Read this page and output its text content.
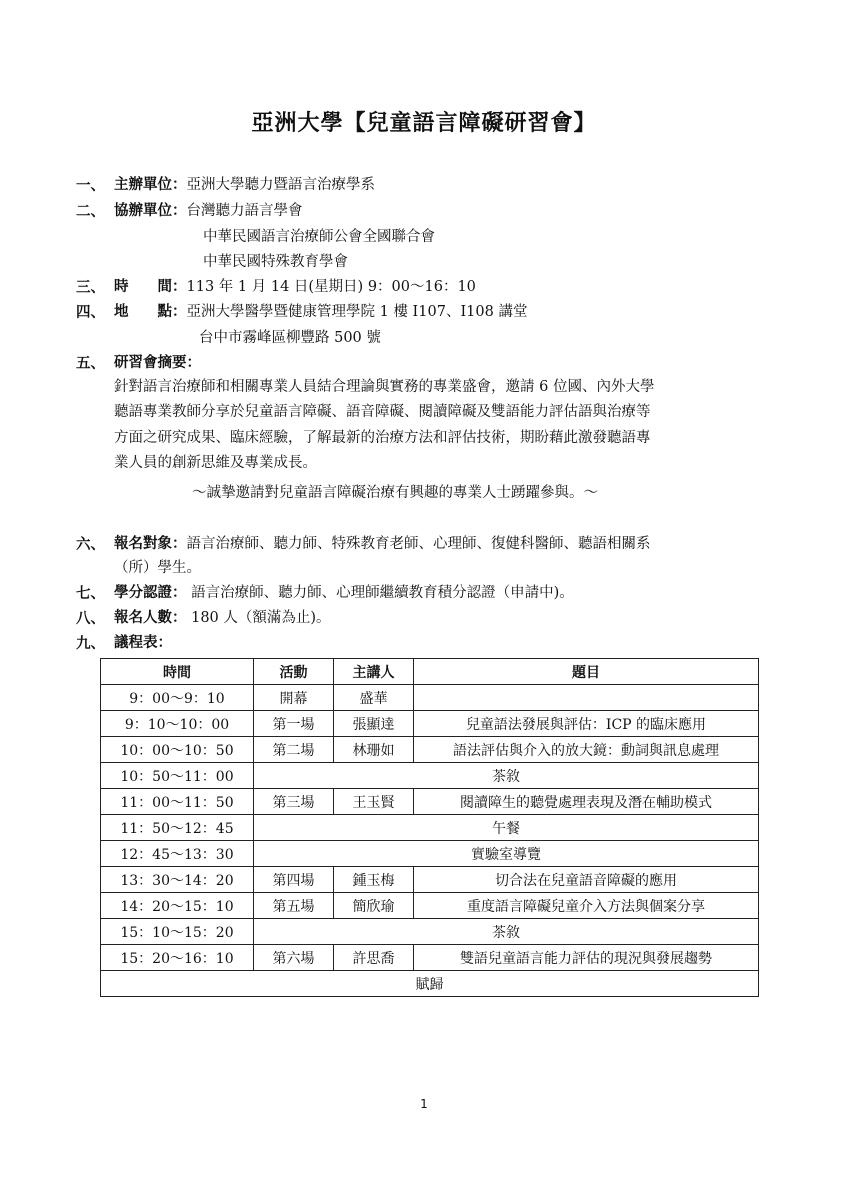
亞洲大學【兒童語言障礙研習會】
一、 主辦單位：亞洲大學聽力暨語言治療學系
二、 協辦單位：台灣聽力語言學會
中華民國語言治療師公會全國聯合會
中華民國特殊教育學會
三、 時　　間：113 年 1 月 14 日(星期日) 9：00～16：10
四、 地　　點：亞洲大學醫學暨健康管理學院 1 樓 I107、I108 講堂
台中市霧峰區柳豐路 500 號
五、 研習會摘要：
針對語言治療師和相關專業人員結合理論與實務的專業盛會，邀請 6 位國、內外大學
聽語專業教師分享於兒童語言障礙、語音障礙、閱讀障礙及雙語能力評估語與治療等
方面之研究成果、臨床經驗，了解最新的治療方法和評估技術，期盼藉此激發聽語專
業人員的創新思維及專業成長。
～誠摯邀請對兒童語言障礙治療有興趣的專業人士踴躍參與。～
六、 報名對象：語言治療師、聽力師、特殊教育老師、心理師、復健科醫師、聽語相關系
（所）學生。
七、 學分認證： 語言治療師、聽力師、心理師繼續教育積分認證（申請中)。
八、 報名人數： 180 人（額滿為止)。
九、 議程表：
時間	活動	主講人	題目
9：00～9：10	開幕	盛華	
9：10～10：00	第一場	張顯達	兒童語法發展與評估：ICP 的臨床應用
10：00～10：50	第二場	林珊如	語法評估與介入的放大鏡：動詞與訊息處理
10：50～11：00	茶敘		
11：00～11：50	第三場	王玉賢	閱讀障生的聽覺處理表現及潛在輔助模式
11：50～12：45	午餐		
12：45～13：30	實驗室導覽		
13：30～14：20	第四場	鍾玉梅	切合法在兒童語音障礙的應用
14：20～15：10	第五場	簡欣瑜	重度語言障礙兒童介入方法與個案分享
15：10～15：20	茶敘		
15：20～16：10	第六場	許思喬	雙語兒童語言能力評估的現況與發展趨勢
賦歸			
1
